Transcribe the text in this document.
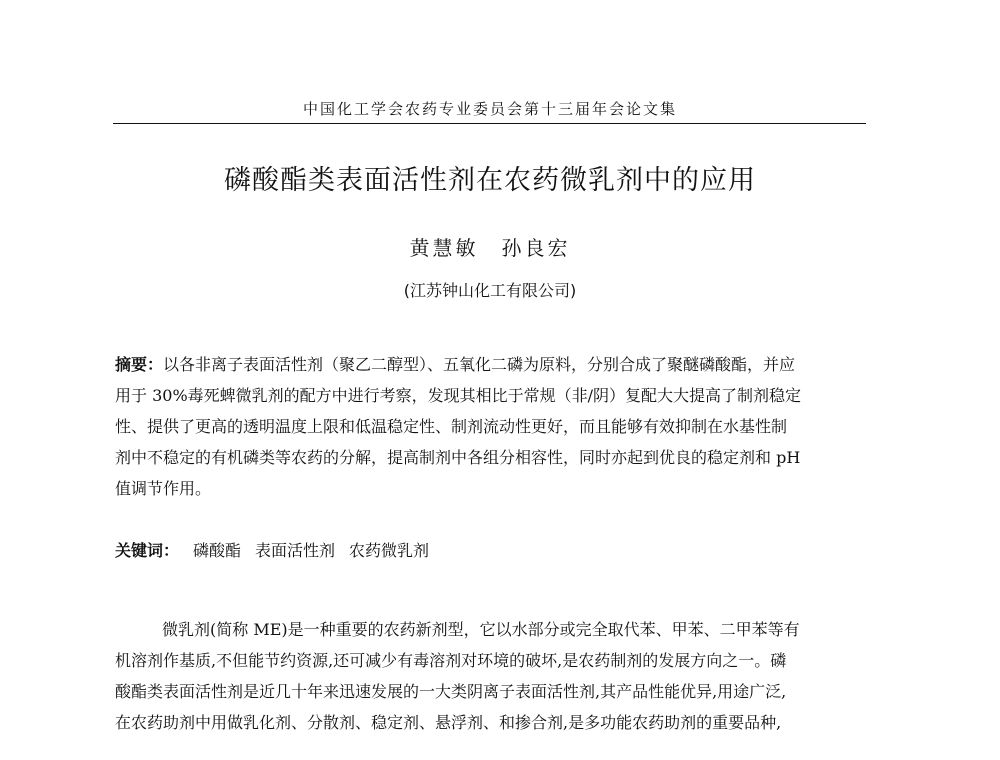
中国化工学会农药专业委员会第十三届年会论文集
磷酸酯类表面活性剂在农药微乳剂中的应用
黄慧敏　孙良宏
(江苏钟山化工有限公司)
摘要：以各非离子表面活性剂（聚乙二醇型）、五氧化二磷为原料，分别合成了聚醚磷酸酯，并应
用于 30%毒死蜱微乳剂的配方中进行考察，发现其相比于常规（非/阴）复配大大提高了制剂稳定
性、提供了更高的透明温度上限和低温稳定性、制剂流动性更好，而且能够有效抑制在水基性制
剂中不稳定的有机磷类等农药的分解，提高制剂中各组分相容性，同时亦起到优良的稳定剂和 pH
值调节作用。
关键词： 磷酸酯 表面活性剂 农药微乳剂
微乳剂(简称 ME)是一种重要的农药新剂型，它以水部分或完全取代苯、甲苯、二甲苯等有
机溶剂作基质,不但能节约资源,还可减少有毒溶剂对环境的破坏,是农药制剂的发展方向之一。磷
酸酯类表面活性剂是近几十年来迅速发展的一大类阴离子表面活性剂,其产品性能优异,用途广泛,
在农药助剂中用做乳化剂、分散剂、稳定剂、悬浮剂、和掺合剂,是多功能农药助剂的重要品种,
